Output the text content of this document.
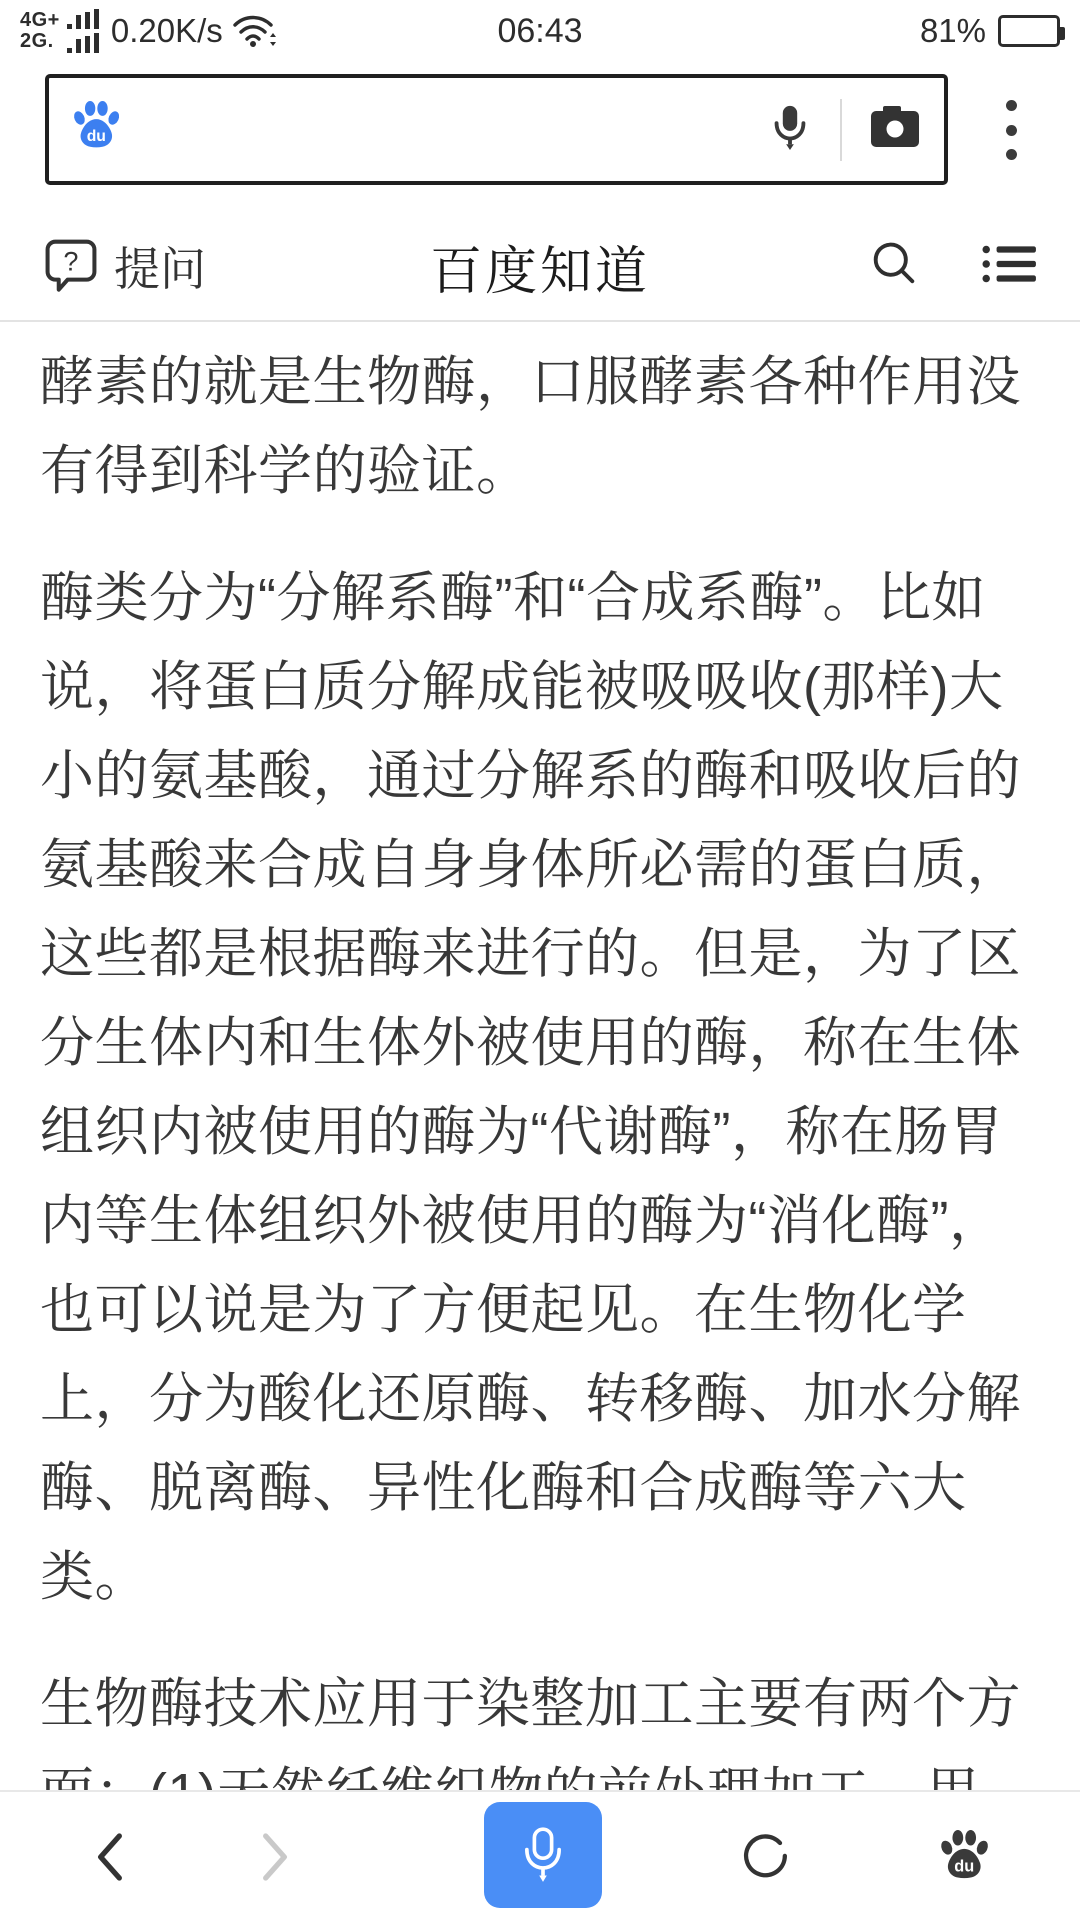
4G+
2G. 0.20K/s	06:43	81%
du
? 提问	百度知道
酵素的就是生物酶，口服酵素各种作用没
有得到科学的验证。
酶类分为“分解系酶”和“合成系酶”。比如
说，将蛋白质分解成能被吸吸收(那样)大
小的氨基酸，通过分解系的酶和吸收后的
氨基酸来合成自身身体所必需的蛋白质，
这些都是根据酶来进行的。但是，为了区
分生体内和生体外被使用的酶，称在生体
组织内被使用的酶为“代谢酶”，称在肠胃
内等生体组织外被使用的酶为“消化酶”，
也可以说是为了方便起见。在生物化学
上，分为酸化还原酶、转移酶、加水分解
酶、脱离酶、异性化酶和合成酶等六大
类。
生物酶技术应用于染整加工主要有两个方
du
